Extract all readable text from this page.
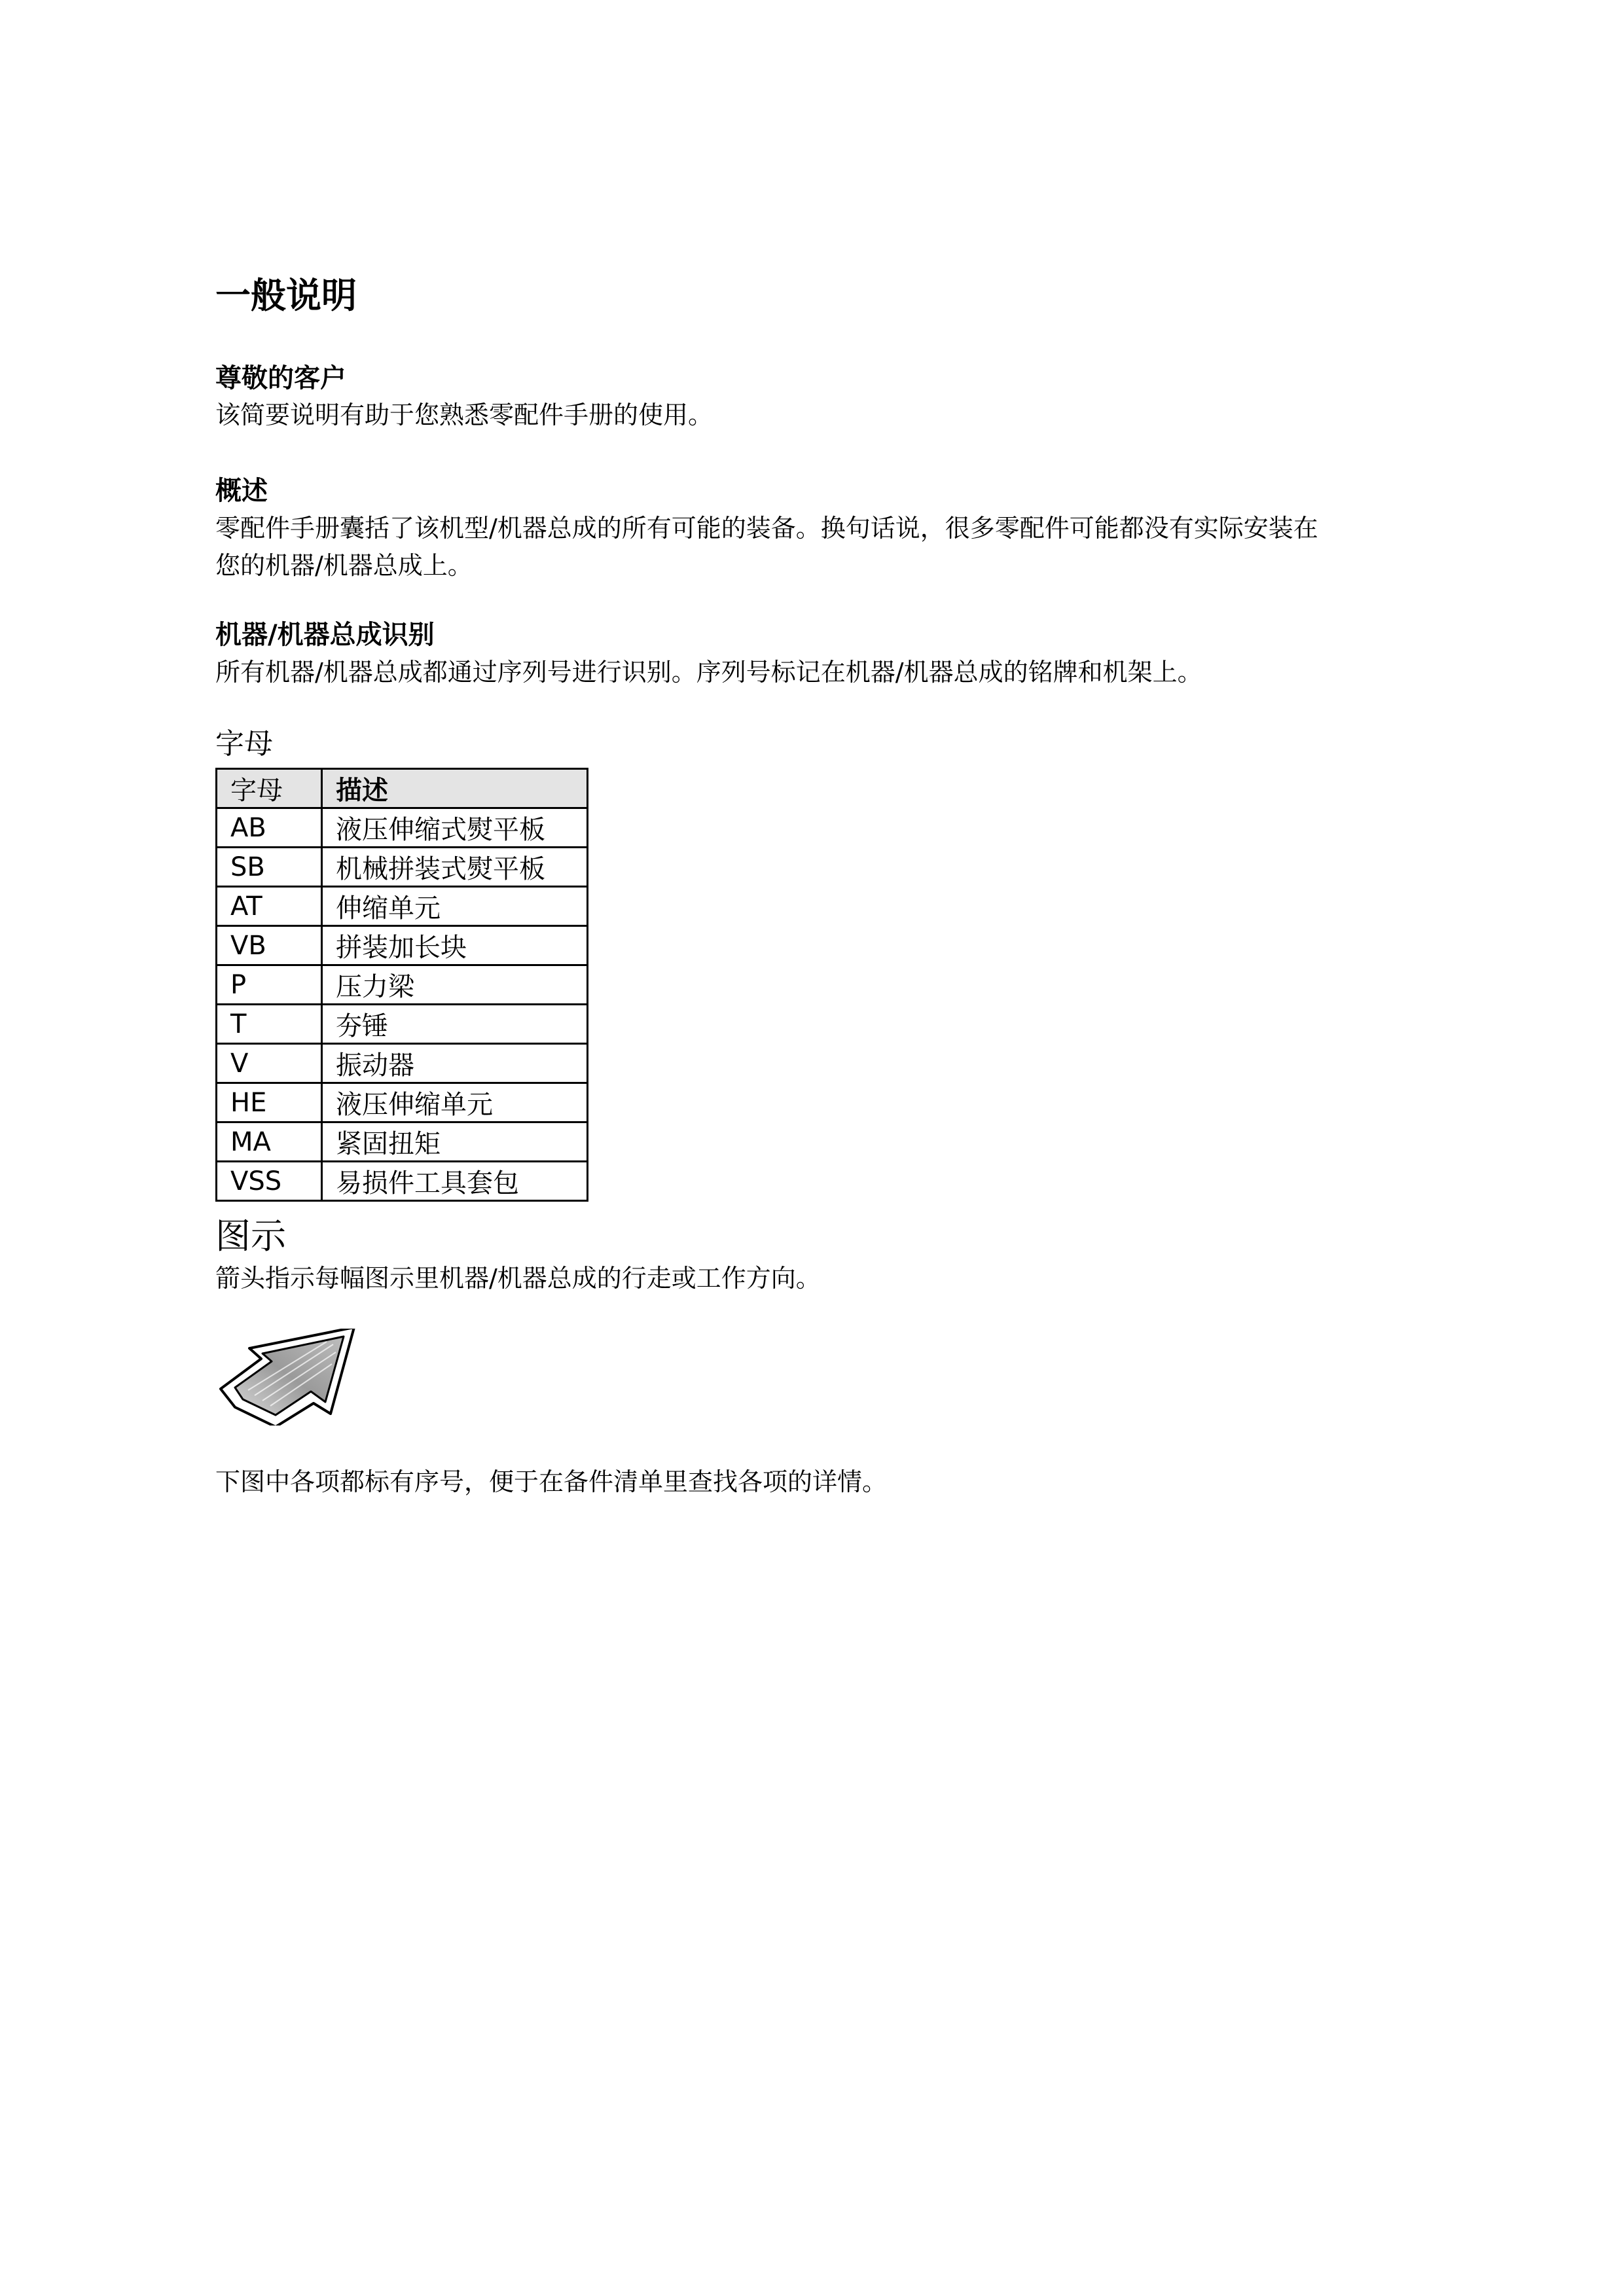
一般说明
尊敬的客户
该简要说明有助于您熟悉零配件手册的使用。
概述
零配件手册囊括了该机型/机器总成的所有可能的装备。换句话说，很多零配件可能都没有实际安装在
您的机器/机器总成上。
机器/机器总成识别
所有机器/机器总成都通过序列号进行识别。序列号标记在机器/机器总成的铭牌和机架上。
字母
字母	描述
AB	液压伸缩式熨平板
SB	机械拼装式熨平板
AT	伸缩单元
VB	拼装加长块
P	压力梁
T	夯锤
V	振动器
HE	液压伸缩单元
MA	紧固扭矩
VSS	易损件工具套包
图示
箭头指示每幅图示里机器/机器总成的行走或工作方向。
下图中各项都标有序号，便于在备件清单里查找各项的详情。
